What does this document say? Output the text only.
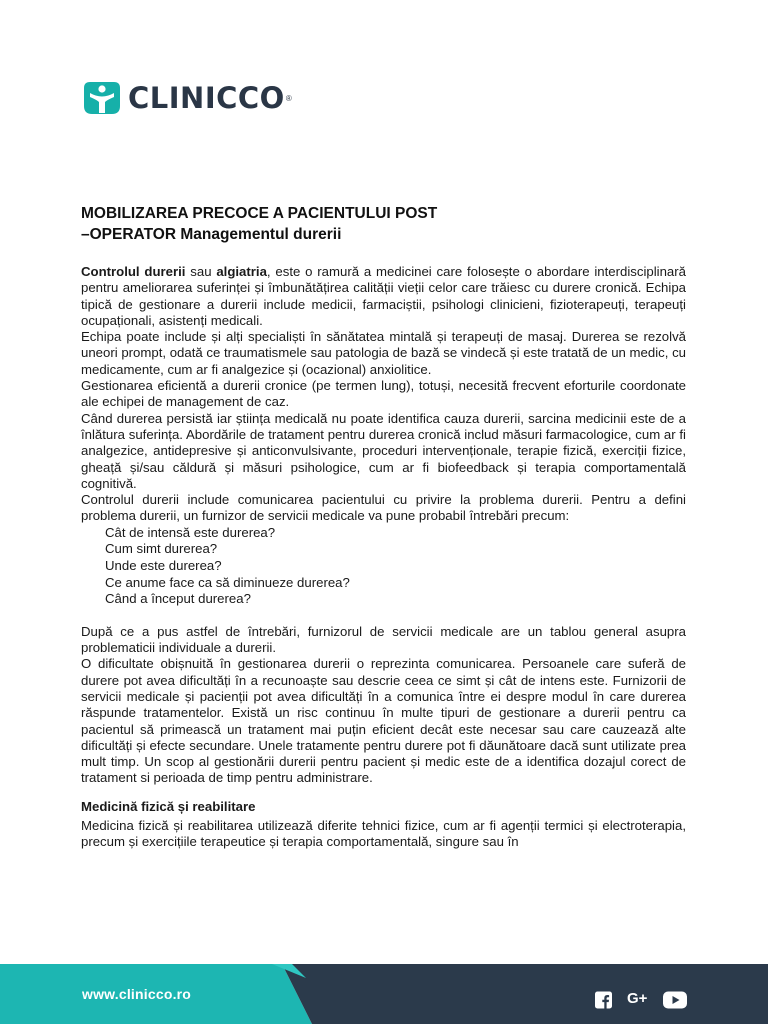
CLINICCO ®
MOBILIZAREA PRECOCE A PACIENTULUI POST
–OPERATOR Managementul durerii

Controlul durerii sau algiatria, este o ramură a medicinei care folosește o abordare interdisciplinară pentru ameliorarea suferinței și îmbunătățirea calității vieții celor care trăiesc cu durere cronică. Echipa tipică de gestionare a durerii include medicii, farmaciștii, psihologi clinicieni, fizioterapeuți, terapeuți ocupaționali, asistenți medicali.

Echipa poate include și alți specialiști în sănătatea mintală și terapeuți de masaj. Durerea se rezolvă uneori prompt, odată ce traumatismele sau patologia de bază se vindecă și este tratată de un medic, cu medicamente, cum ar fi analgezice și (ocazional) anxiolitice.

Gestionarea eficientă a durerii cronice (pe termen lung), totuși, necesită frecvent eforturile coordonate ale echipei de management de caz.

Când durerea persistă iar știința medicală nu poate identifica cauza durerii, sarcina medicinii este de a înlătura suferința. Abordările de tratament pentru durerea cronică includ măsuri farmacologice, cum ar fi analgezice, antidepresive și anticonvulsivante, proceduri intervenționale, terapie fizică, exerciții fizice, gheață și/sau căldură și măsuri psihologice, cum ar fi biofeedback și terapia comportamentală cognitivă.

Controlul durerii include comunicarea pacientului cu privire la problema durerii. Pentru a defini problema durerii, un furnizor de servicii medicale va pune probabil întrebări precum:

Cât de intensă este durerea?
Cum simt durerea?
Unde este durerea?
Ce anume face ca să diminueze durerea?
Când a început durerea?

După ce a pus astfel de întrebări, furnizorul de servicii medicale are un tablou general asupra problematicii individuale a durerii.

O dificultate obișnuită în gestionarea durerii o reprezinta comunicarea. Persoanele care suferă de durere pot avea dificultăți în a recunoaște sau descrie ceea ce simt și cât de intens este. Furnizorii de servicii medicale și pacienții pot avea dificultăți în a comunica între ei despre modul în care durerea răspunde tratamentelor. Există un risc continuu în multe tipuri de gestionare a durerii pentru ca pacientul să primească un tratament mai puțin eficient decât este necesar sau care cauzează alte dificultăți și efecte secundare. Unele tratamente pentru durere pot fi dăunătoare dacă sunt utilizate prea mult timp. Un scop al gestionării durerii pentru pacient și medic este de a identifica dozajul corect de tratament si perioada de timp pentru administrare.

Medicină fizică și reabilitare

Medicina fizică și reabilitarea utilizează diferite tehnici fizice, cum ar fi agenții termici și electroterapia, precum și exercițiile terapeutice și terapia comportamentală, singure sau în

www.clinicco.ro	G+
